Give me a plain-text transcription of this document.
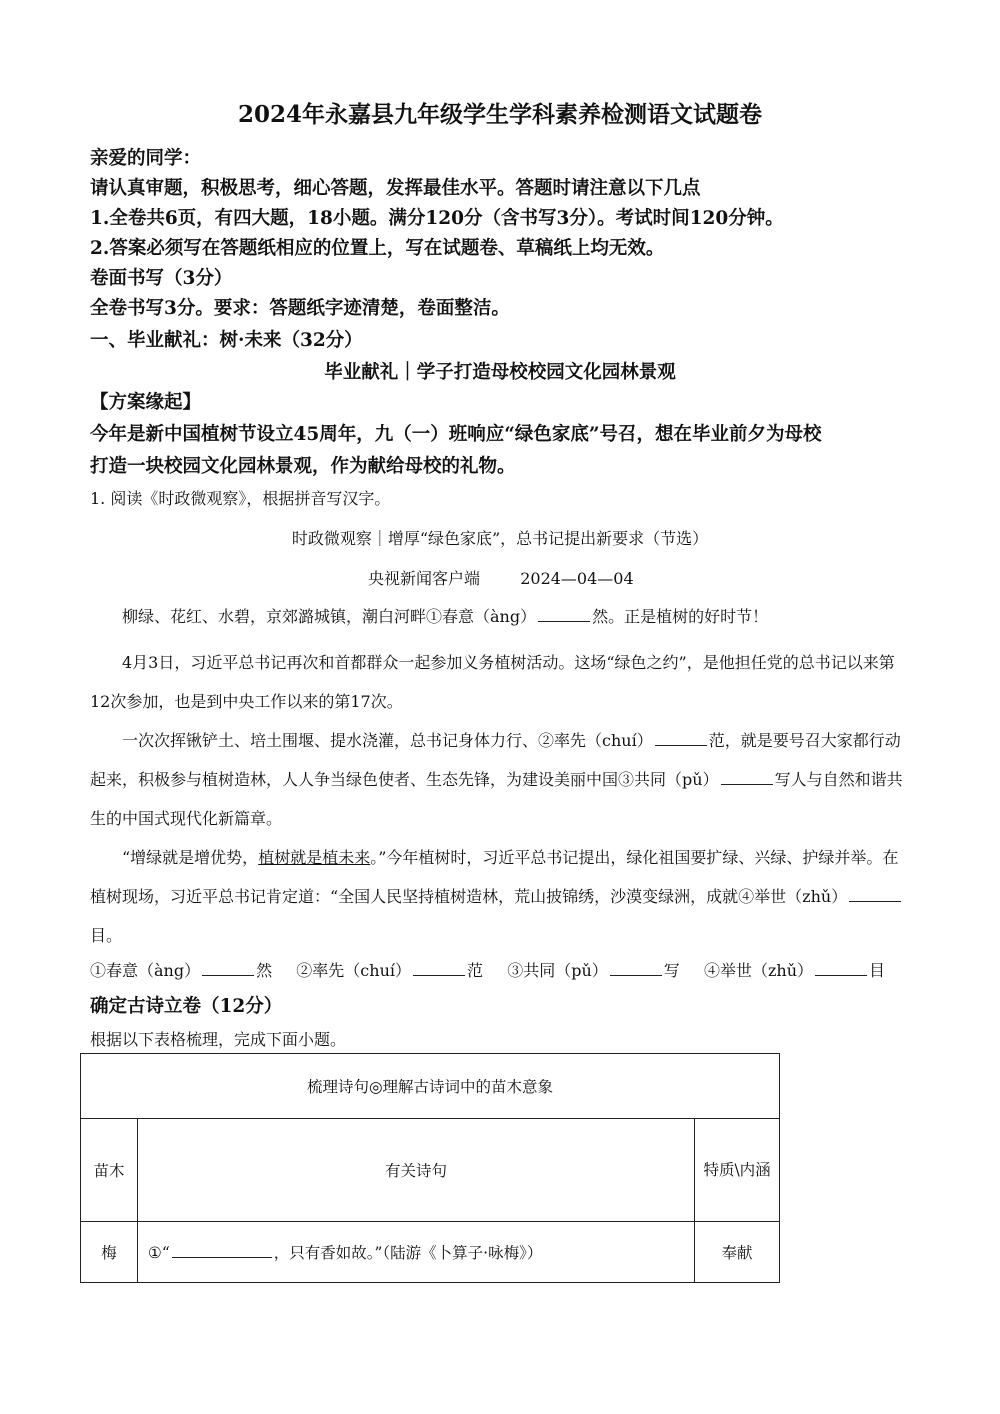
2024年永嘉县九年级学生学科素养检测语文试题卷
亲爱的同学：
请认真审题，积极思考，细心答题，发挥最佳水平。答题时请注意以下几点
1.全卷共6页，有四大题，18小题。满分120分（含书写3分）。考试时间120分钟。
2.答案必须写在答题纸相应的位置上，写在试题卷、草稿纸上均无效。
卷面书写（3分）
全卷书写3分。要求：答题纸字迹清楚，卷面整洁。
一、毕业献礼：树·未来（32分）
毕业献礼｜学子打造母校校园文化园林景观
【方案缘起】
今年是新中国植树节设立45周年，九（一）班响应“绿色家底”号召，想在毕业前夕为母校
打造一块校园文化园林景观，作为献给母校的礼物。
1. 阅读《时政微观察》，根据拼音写汉字。
时政微观察｜增厚“绿色家底”，总书记提出新要求（节选）
央视新闻客户端	2024—04—04
柳绿、花红、水碧，京郊潞城镇，潮白河畔①春意（àng）	然。正是植树的好时节！
4月3日，习近平总书记再次和首都群众一起参加义务植树活动。这场“绿色之约”，是他担任党的总书记以来第12次参加，也是到中央工作以来的第17次。
一次次挥锹铲土、培土围堰、提水浇灌，总书记身体力行、②率先（chuí）	范，就是要号召大家都行动起来，积极参与植树造林，人人争当绿色使者、生态先锋，为建设美丽中国③共同（pǔ）	写人与自然和谐共生的中国式现代化新篇章。
“增绿就是增优势，植树就是植未来。”今年植树时，习近平总书记提出，绿化祖国要扩绿、兴绿、护绿并举。在植树现场，习近平总书记肯定道：“全国人民坚持植树造林，荒山披锦绣，沙漠变绿洲，成就④举世（zhǔ）目。
①春意（àng）	然 ②率先（chuí）	范 ③共同（pǔ）	写 ④举世（zhǔ）	目
确定古诗立卷（12分）
根据以下表格梳理，完成下面小题。
梳理诗句◎理解古诗词中的苗木意象		
苗木	有关诗句	特质\内涵
梅	①“ ，只有香如故。”（陆游《卜算子·咏梅》）	奉献
